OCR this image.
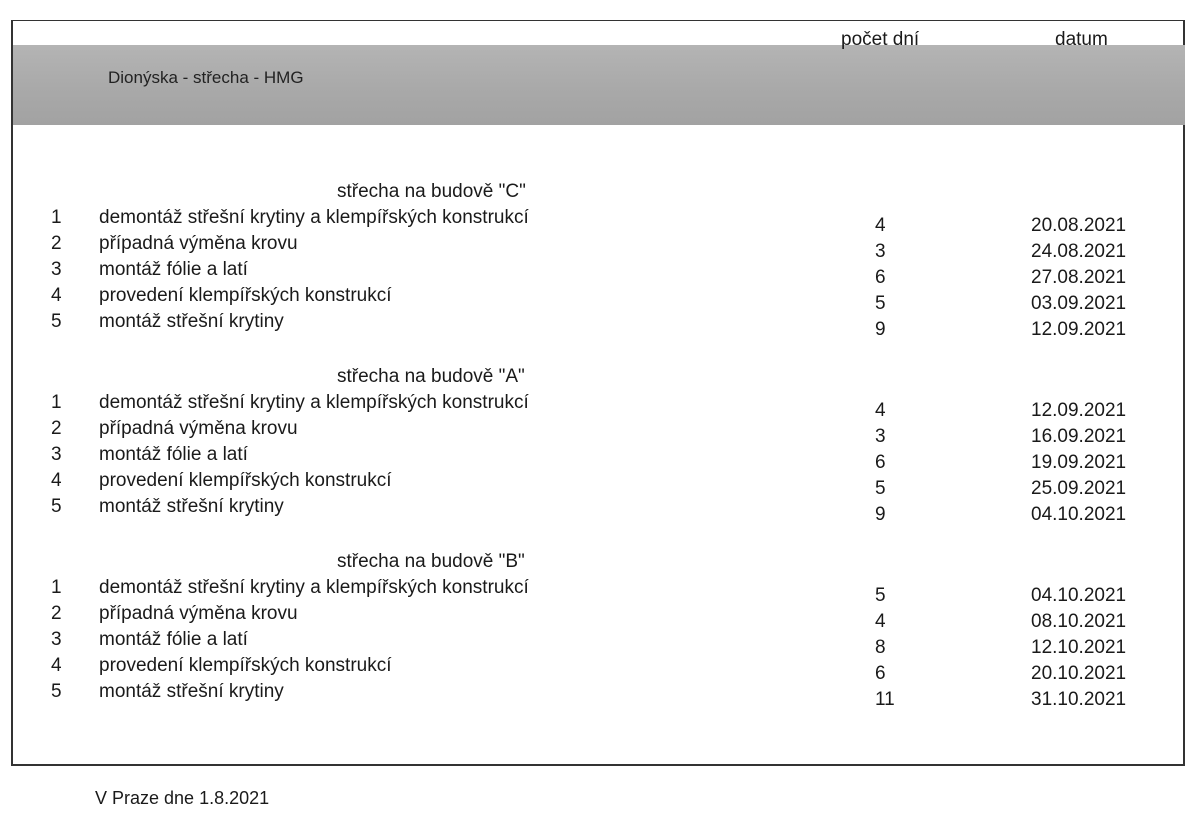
Dionýska - střecha - HMG
počet dní	datum
střecha na budově "C"
1 demontáž střešní krytiny a klempířských konstrukcí	4	20.08.2021
2 případná výměna krovu	3	24.08.2021
3 montáž fólie a latí	6	27.08.2021
4 provedení klempířských konstrukcí	5	03.09.2021
5 montáž střešní krytiny	9	12.09.2021
střecha na budově "A"
1 demontáž střešní krytiny a klempířských konstrukcí	4	12.09.2021
2 případná výměna krovu	3	16.09.2021
3 montáž fólie a latí	6	19.09.2021
4 provedení klempířských konstrukcí	5	25.09.2021
5 montáž střešní krytiny	9	04.10.2021
střecha na budově "B"
1 demontáž střešní krytiny a klempířských konstrukcí	5	04.10.2021
2 případná výměna krovu	4	08.10.2021
3 montáž fólie a latí	8	12.10.2021
4 provedení klempířských konstrukcí	6	20.10.2021
5 montáž střešní krytiny	11	31.10.2021
V Praze dne 1.8.2021
